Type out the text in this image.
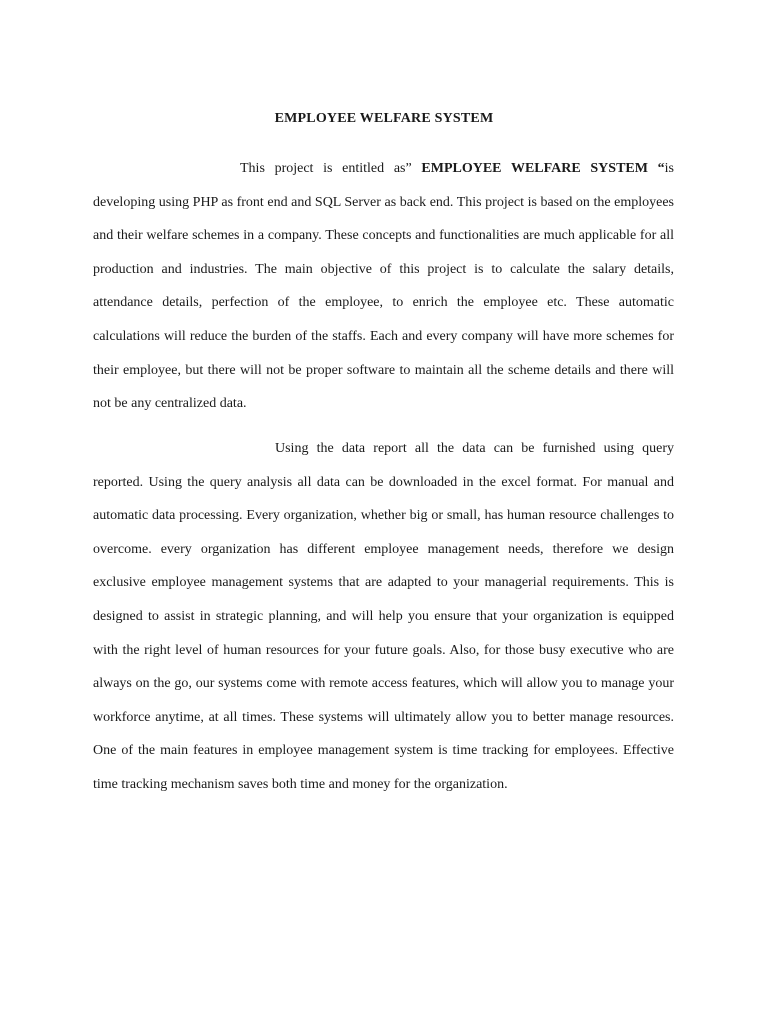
EMPLOYEE WELFARE SYSTEM

This project is entitled as” EMPLOYEE WELFARE SYSTEM “is developing using PHP as front end and SQL Server as back end. This project is based on the employees and their welfare schemes in a company. These concepts and functionalities are much applicable for all production and industries. The main objective of this project is to calculate the salary details, attendance details, perfection of the employee, to enrich the employee etc. These automatic calculations will reduce the burden of the staffs. Each and every company will have more schemes for their employee, but there will not be proper software to maintain all the scheme details and there will not be any centralized data.

Using the data report all the data can be furnished using query reported. Using the query analysis all data can be downloaded in the excel format. For manual and automatic data processing. Every organization, whether big or small, has human resource challenges to overcome. every organization has different employee management needs, therefore we design exclusive employee management systems that are adapted to your managerial requirements. This is designed to assist in strategic planning, and will help you ensure that your organization is equipped with the right level of human resources for your future goals. Also, for those busy executive who are always on the go, our systems come with remote access features, which will allow you to manage your workforce anytime, at all times. These systems will ultimately allow you to better manage resources. One of the main features in employee management system is time tracking for employees. Effective time tracking mechanism saves both time and money for the organization.
